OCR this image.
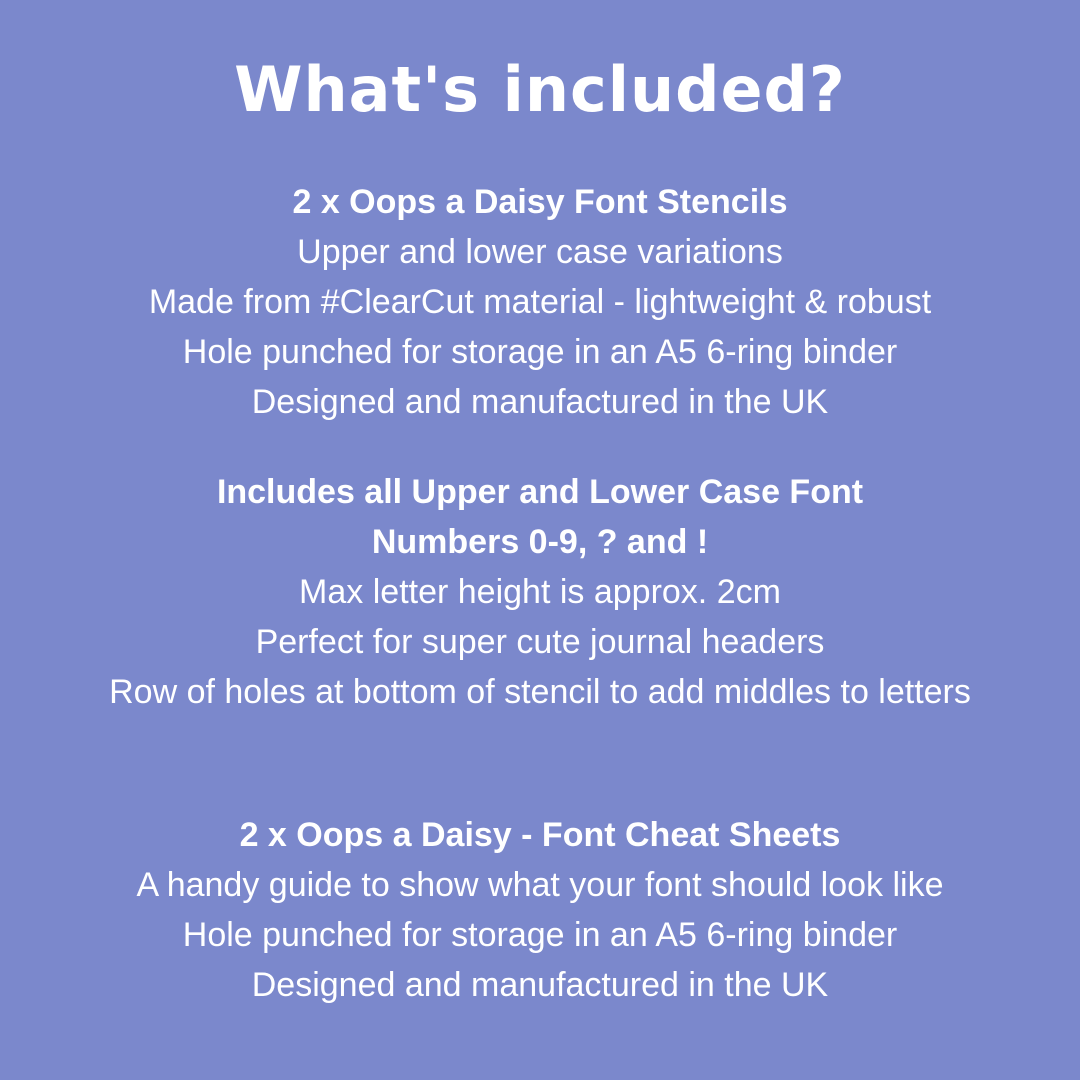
What's included?
2 x Oops a Daisy Font Stencils
Upper and lower case variations
Made from #ClearCut material - lightweight & robust
Hole punched for storage in an A5 6-ring binder
Designed and manufactured in the UK
Includes all Upper and Lower Case Font
Numbers 0-9, ? and !
Max letter height is approx. 2cm
Perfect for super cute journal headers
Row of holes at bottom of stencil to add middles to letters
2 x Oops a Daisy - Font Cheat Sheets
A handy guide to show what your font should look like
Hole punched for storage in an A5 6-ring binder
Designed and manufactured in the UK
